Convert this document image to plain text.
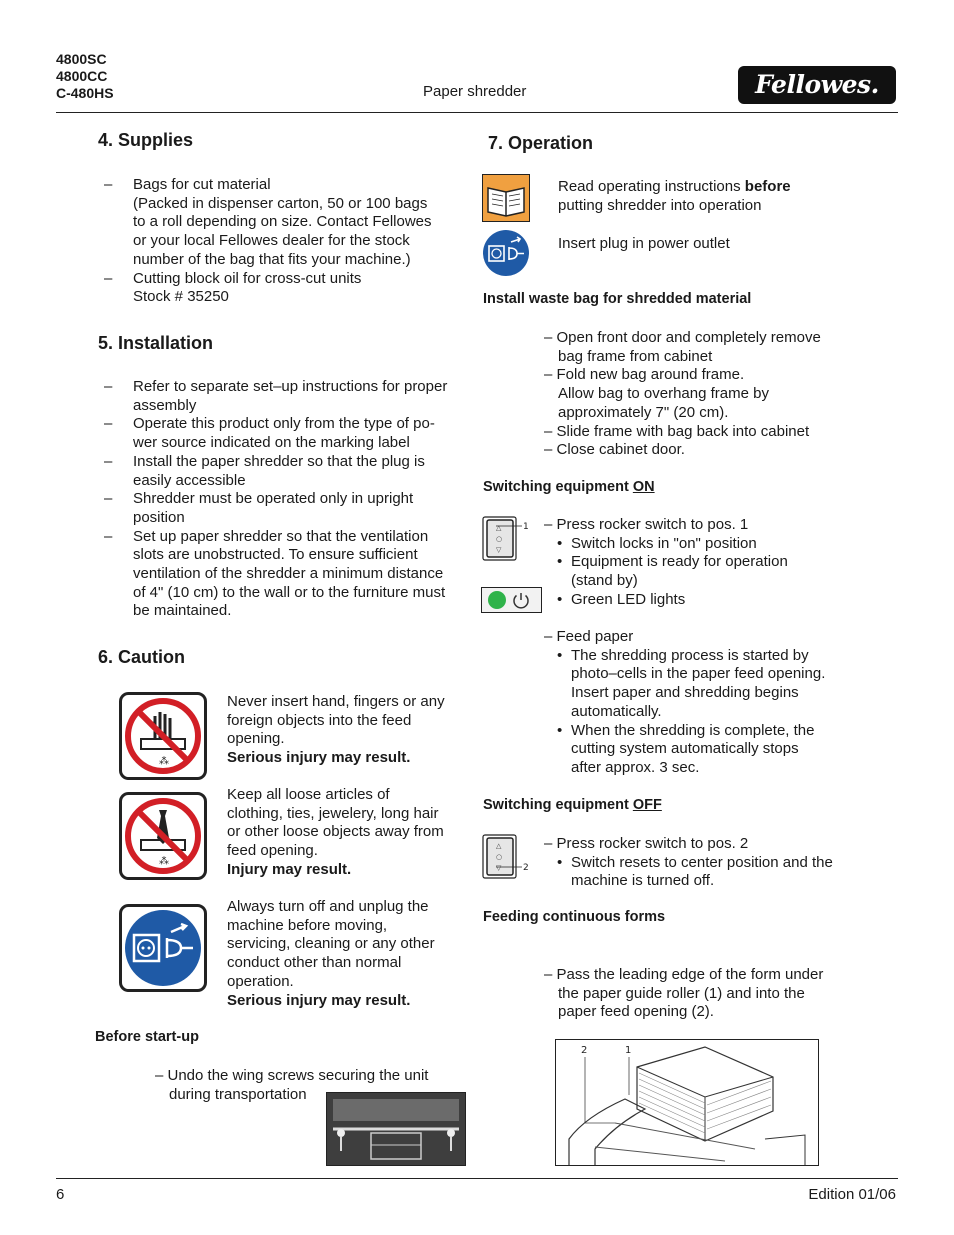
4800SC
4800CC
C-480HS	Paper shredder	Fellowes.
4. Supplies
– Bags for cut material
(Packed in dispenser carton, 50 or 100 bags
to a roll depending on size. Contact Fellowes
or your local Fellowes dealer for the stock
number of the bag that fits your machine.)
– Cutting block oil for cross-cut units
Stock # 35250
5. Installation
– Refer to separate set–up instructions for proper
assembly
– Operate this product only from the type of po-
wer source indicated on the marking label
– Install the paper shredder so that the plug is
easily accessible
– Shredder must be operated only in upright
position
– Set up paper shredder so that the ventilation
slots are unobstructed. To ensure sufficient
ventilation of the shredder a minimum distance
of 4" (10 cm) to the wall or to the furniture must
be maintained.
6. Caution
⁂
Never insert hand, fingers or any
foreign objects into the feed
opening.
Serious injury may result.
⁂
Keep all loose articles of
clothing, ties, jewelery, long hair
or other loose objects away from
feed opening.
Injury may result.
Always turn off and unplug the
machine before moving,
servicing, cleaning or any other
conduct other than normal
operation.
Serious injury may result.
Before start-up
– Undo the wing screws securing the unit
during transportation
7. Operation
Read operating instructions before
putting shredder into operation
Insert plug in power outlet
Install waste bag for shredded material
– Open front door and completely remove
bag frame from cabinet
– Fold new bag around frame.
Allow bag to overhang frame by
approximately 7" (20 cm).
– Slide frame with bag back into cabinet
– Close cabinet door.
Switching equipment ON
△
○
▽
1 – Press rocker switch to pos. 1
• Switch locks in "on" position
• Equipment is ready for operation
(stand by)
• Green LED lights
– Feed paper
• The shredding process is started by
photo–cells in the paper feed opening.
Insert paper and shredding begins
automatically.
• When the shredding is complete, the
cutting system automatically stops
after approx. 3 sec.
Switching equipment OFF
△
○
▽ 2
– Press rocker switch to pos. 2
• Switch resets to center position and the
machine is turned off.
Feeding continuous forms
– Pass the leading edge of the form under
the paper guide roller (1) and into the
paper feed opening (2).
2	1
6	Edition 01/06
